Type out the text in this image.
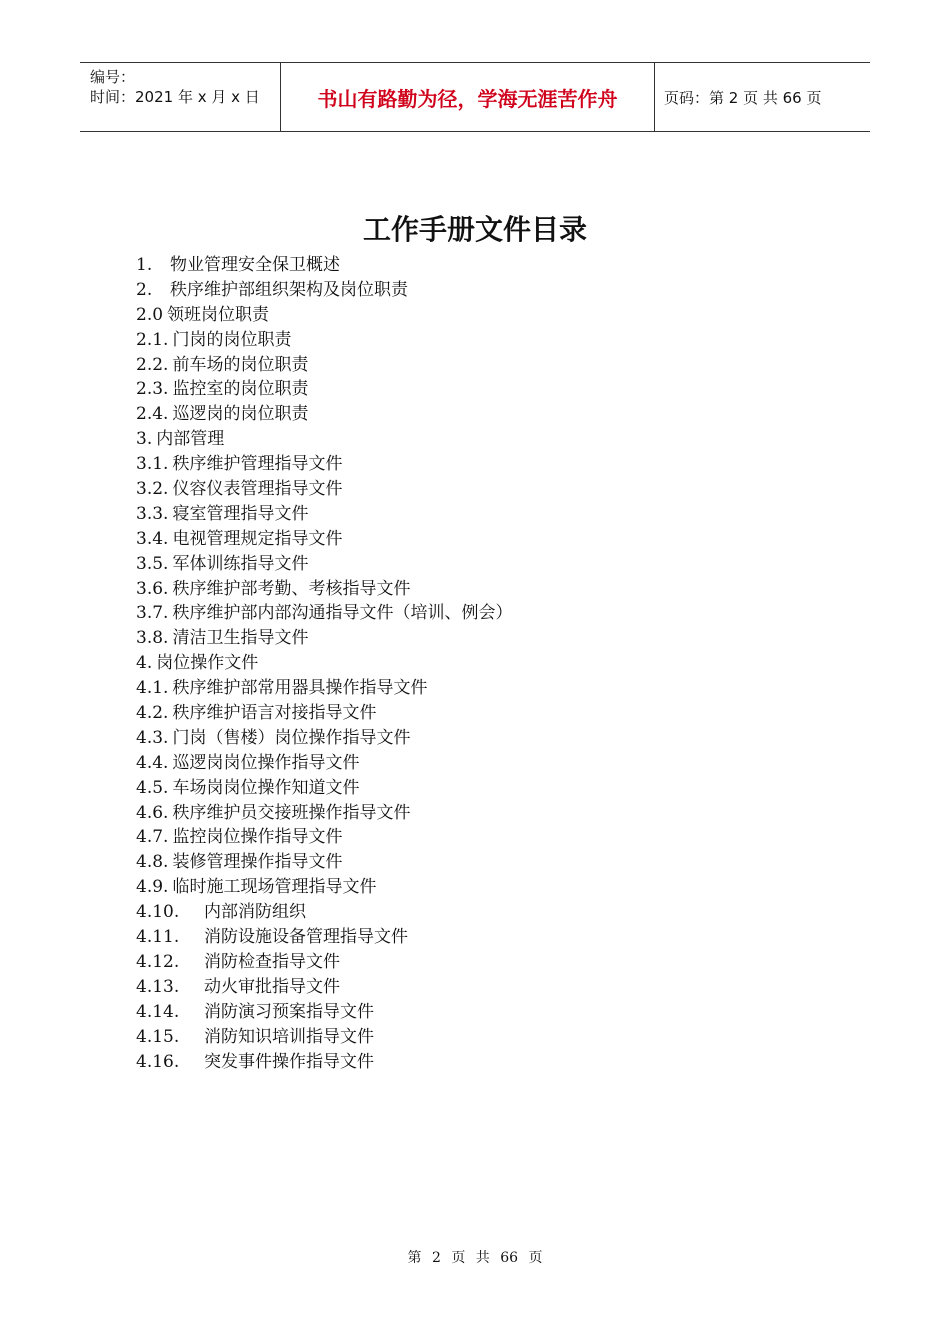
编号：
时间：2021 年 x 月 x 日	书山有路勤为径，学海无涯苦作舟	页码：第 2 页 共 66 页
工作手册文件目录
1.	物业管理安全保卫概述
2.	秩序维护部组织架构及岗位职责
2.0 领班岗位职责
2.1. 门岗的岗位职责
2.2. 前车场的岗位职责
2.3. 监控室的岗位职责
2.4. 巡逻岗的岗位职责
3. 内部管理
3.1. 秩序维护管理指导文件
3.2. 仪容仪表管理指导文件
3.3. 寝室管理指导文件
3.4. 电视管理规定指导文件
3.5. 军体训练指导文件
3.6. 秩序维护部考勤、考核指导文件
3.7. 秩序维护部内部沟通指导文件（培训、例会）
3.8. 清洁卫生指导文件
4. 岗位操作文件
4.1. 秩序维护部常用器具操作指导文件
4.2. 秩序维护语言对接指导文件
4.3. 门岗（售楼）岗位操作指导文件
4.4. 巡逻岗岗位操作指导文件
4.5. 车场岗岗位操作知道文件
4.6. 秩序维护员交接班操作指导文件
4.7. 监控岗位操作指导文件
4.8. 装修管理操作指导文件
4.9. 临时施工现场管理指导文件
4.10.	内部消防组织
4.11.	消防设施设备管理指导文件
4.12.	消防检查指导文件
4.13.	动火审批指导文件
4.14.	消防演习预案指导文件
4.15.	消防知识培训指导文件
4.16.	突发事件操作指导文件
第 2 页 共 66 页
